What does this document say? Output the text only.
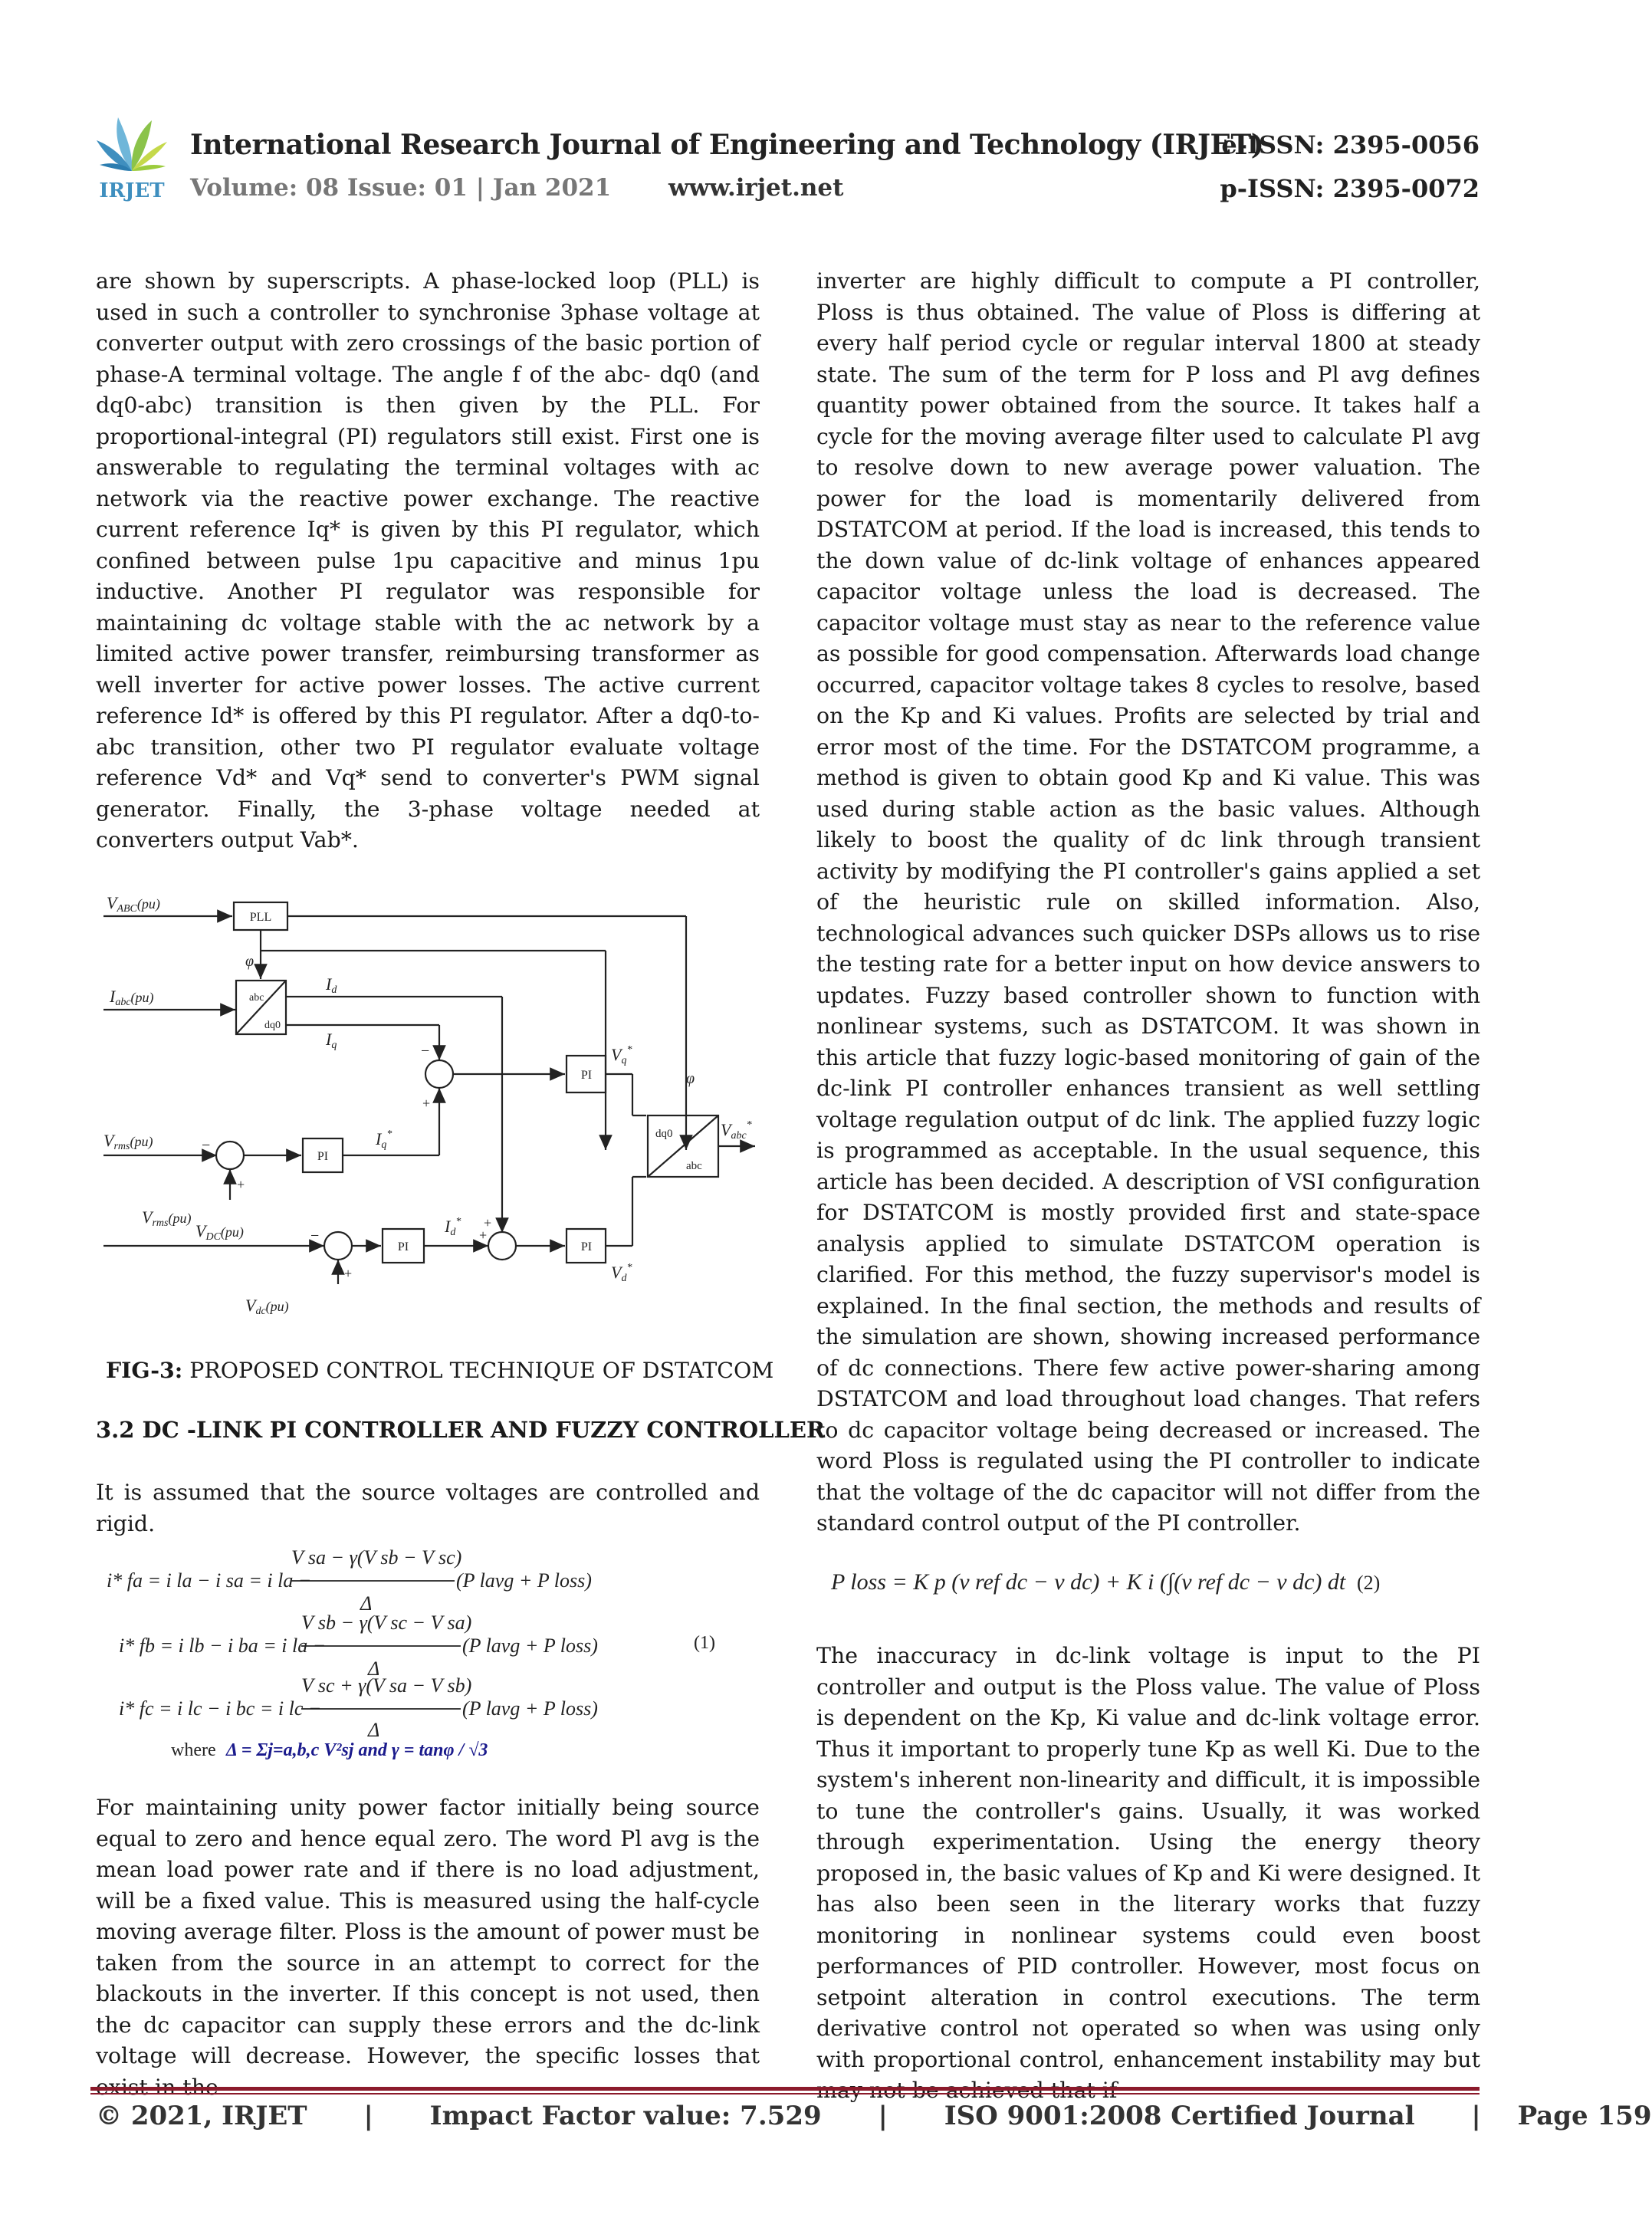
IRJET
International Research Journal of Engineering and Technology (IRJET)
e-ISSN: 2395-0056
Volume: 08 Issue: 01 | Jan 2021 www.irjet.net	p-ISSN: 2395-0072

are shown by superscripts. A phase-locked loop (PLL) is used in such a controller to synchronise 3phase voltage at converter output with zero crossings of the basic portion of phase-A terminal voltage. The angle f of the abc- dq0 (and dq0-abc) transition is then given by the PLL. For proportional-integral (PI) regulators still exist. First one is answerable to regulating the terminal voltages with ac network via the reactive power exchange. The reactive current reference Iq* is given by this PI regulator, which confined between pulse 1pu capacitive and minus 1pu inductive. Another PI regulator was responsible for maintaining dc voltage stable with the ac network by a limited active power transfer, reimbursing transformer as well inverter for active power losses. The active current reference Id* is offered by this PI regulator. After a dq0-to-abc transition, other two PI regulator evaluate voltage reference Vd* and Vq* send to converter's PWM signal generator. Finally, the 3-phase voltage needed at converters output Vab*.

VABC(pu)
φ
Iabc(pu)
Id
Iq	Vq*
φ
Vrms(pu)	Iq*
Vrms(pu)
VDC(pu)
Vdc(pu)
Id*
Vd*
Vabc*
PLL
abc
dq0
PI
PI
PI	PI
dq0
abc
−
+
−
+
−
+
+
+
FIG-3: PROPOSED CONTROL TECHNIQUE OF DSTATCOM
3.2 DC -LINK PI CONTROLLER AND FUZZY CONTROLLER

It is assumed that the source voltages are controlled and rigid.

i* fa = i la − i sa = i la −
V sa − γ(V sb − V sc)
Δ
(P lavg + P loss)
i* fb = i lb − i ba = i la −
V sb − γ(V sc − V sa)
Δ
(P lavg + P loss)
i* fc = i lc − i bc = i lc −
V sc + γ(V sa − V sb)
Δ
(P lavg + P loss)
(1)
where Δ = Σj=a,b,c V²sj and γ = tanφ / √3

For maintaining unity power factor initially being source equal to zero and hence equal zero. The word Pl avg is the mean load power rate and if there is no load adjustment, will be a fixed value. This is measured using the half-cycle moving average filter. Ploss is the amount of power must be taken from the source in an attempt to correct for the blackouts in the inverter. If this concept is not used, then the dc capacitor can supply these errors and the dc-link voltage will decrease. However, the specific losses that

inverter are highly difficult to compute a PI controller, Ploss is thus obtained. The value of Ploss is differing at every half period cycle or regular interval 1800 at steady state. The sum of the term for P loss and Pl avg defines quantity power obtained from the source. It takes half a cycle for the moving average filter used to calculate Pl avg to resolve down to new average power valuation. The power for the load is momentarily delivered from DSTATCOM at period. If the load is increased, this tends to the down value of dc-link voltage of enhances appeared capacitor voltage unless the load is decreased. The capacitor voltage must stay as near to the reference value as possible for good compensation. Afterwards load change occurred, capacitor voltage takes 8 cycles to resolve, based on the Kp and Ki values. Profits are selected by trial and error most of the time. For the DSTATCOM programme, a method is given to obtain good Kp and Ki value. This was used during stable action as the basic values. Although likely to boost the quality of dc link through transient activity by modifying the PI controller's gains applied a set of the heuristic rule on skilled information. Also, technological advances such quicker DSPs allows us to rise the testing rate for a better input on how device answers to updates. Fuzzy based controller shown to function with nonlinear systems, such as DSTATCOM. It was shown in this article that fuzzy logic-based monitoring of gain of the dc-link PI controller enhances transient as well settling voltage regulation output of dc link. The applied fuzzy logic is programmed as acceptable. In the usual sequence, this article has been decided. A description of VSI configuration for DSTATCOM is mostly provided first and state-space analysis applied to simulate DSTATCOM operation is clarified. For this method, the fuzzy supervisor's model is explained. In the final section, the methods and results of the simulation are shown, showing increased performance of dc connections. There few active power-sharing among DSTATCOM and load throughout load changes. That refers to dc capacitor voltage being decreased or increased. The word Ploss is regulated using the PI controller to indicate that the voltage of the dc capacitor will not differ from the standard control output of the PI controller.

P loss = K p (v ref dc − v dc) + K i (∫(v ref dc − v dc) dt (2)

The inaccuracy in dc-link voltage is input to the PI controller and output is the Ploss value. The value of Ploss is dependent on the Kp, Ki value and dc-link voltage error. Thus it important to properly tune Kp as well Ki. Due to the system's inherent non-linearity and difficult, it is impossible to tune the controller's gains. Usually, it was worked through experimentation. Using the energy theory proposed in, the basic values of Kp and Ki were designed. It has also been seen in the literary works that fuzzy monitoring in nonlinear systems could even boost performances of PID controller. However, most focus on setpoint alteration in control executions. The term derivative control not operated so when was using only with proportional control, enhancement instability may but

© 2021, IRJET | Impact Factor value: 7.529 | ISO 9001:2008 Certified Journal | Page 159
